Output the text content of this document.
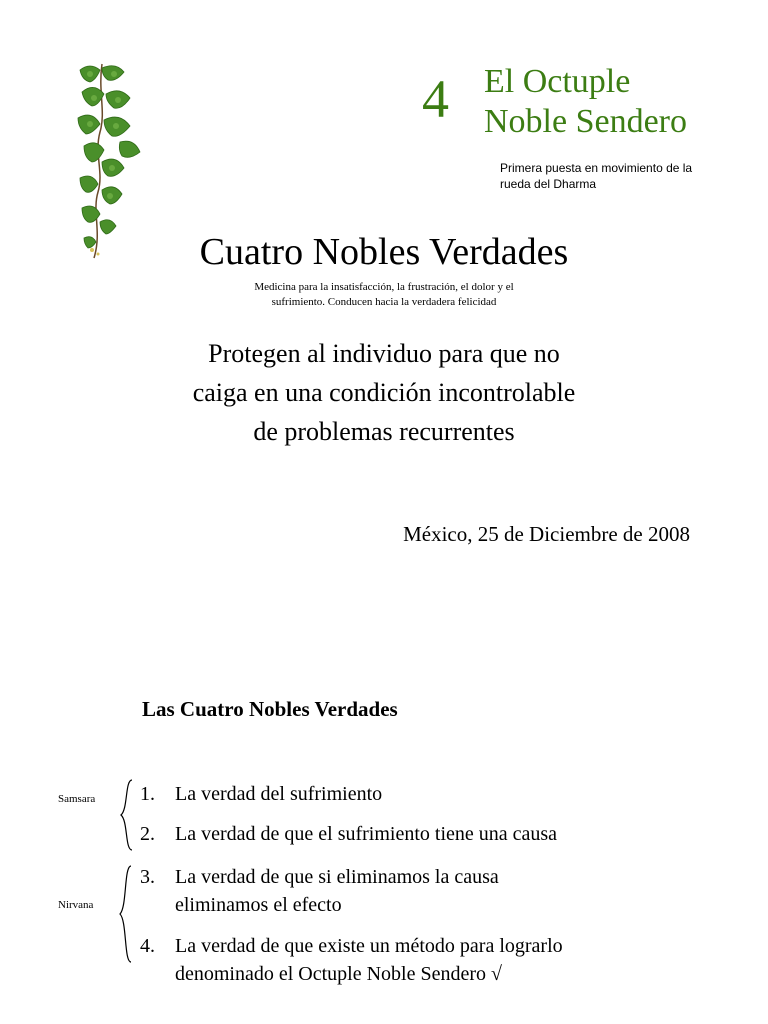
4 El Octuple
Noble Sendero
Primera puesta en movimiento de la
rueda del Dharma
Cuatro Nobles Verdades
Medicina para la insatisfacción, la frustración, el dolor y el
sufrimiento. Conducen hacia la verdadera felicidad
Protegen al individuo para que no
caiga en una condición incontrolable
de problemas recurrentes
México, 25 de Diciembre de 2008
Las Cuatro Nobles Verdades
Samsara
Nirvana
1. La verdad del sufrimiento
2. La verdad de que el sufrimiento tiene una causa
3. La verdad de que si eliminamos la causa
eliminamos el efecto
4. La verdad de que existe un método para lograrlo
denominado el Octuple Noble Sendero √
